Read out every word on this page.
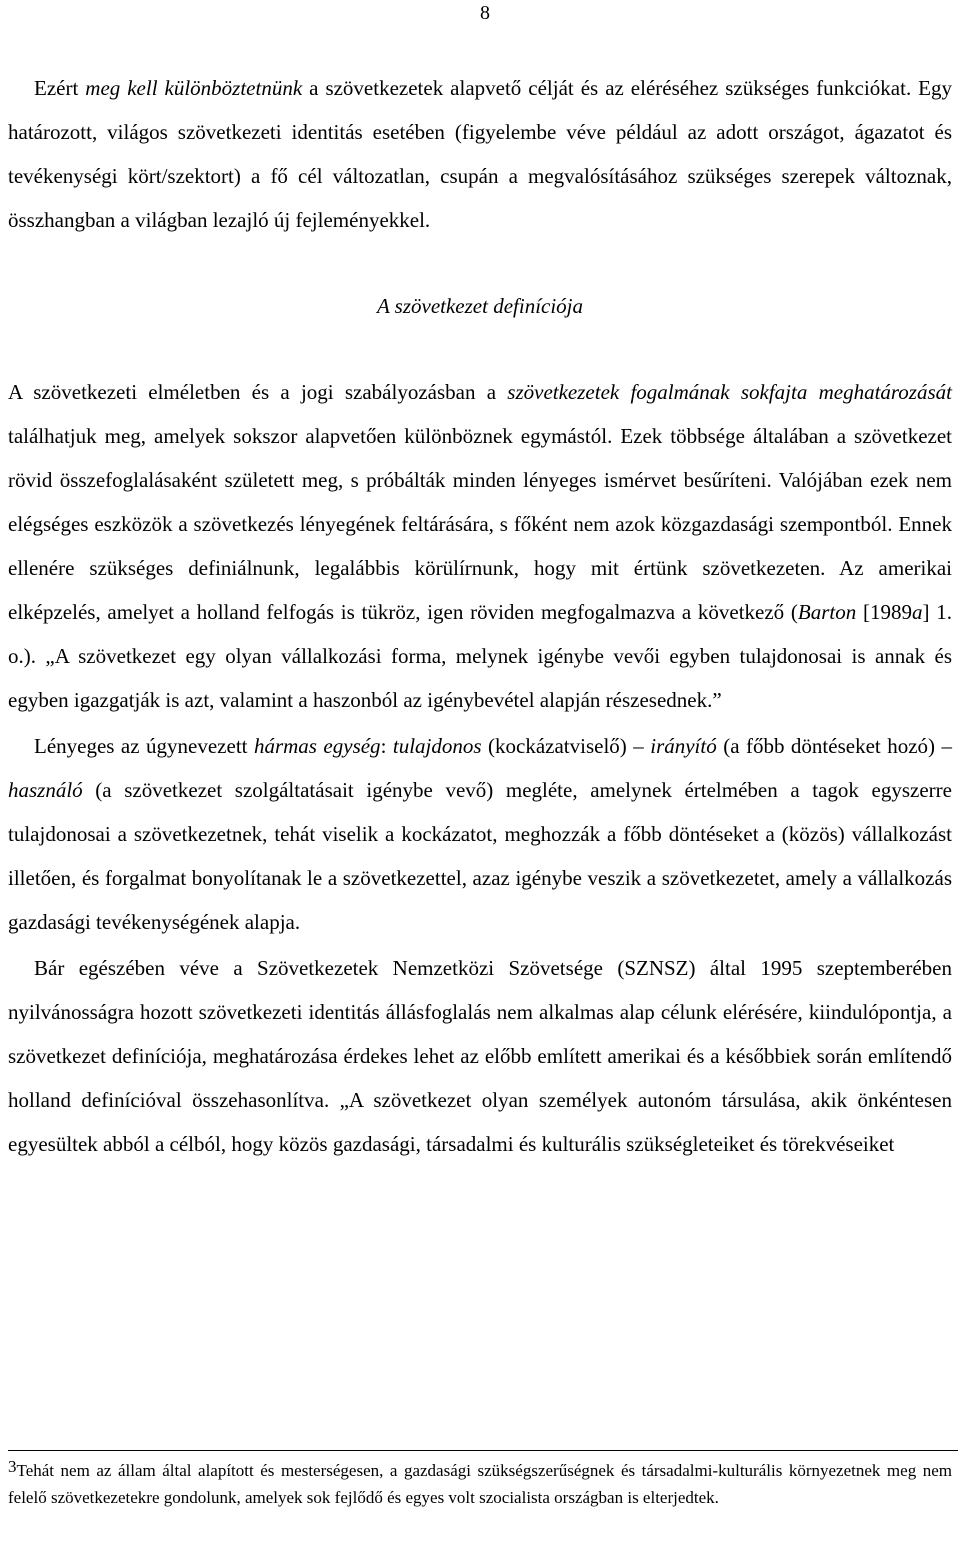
8

Ezért meg kell különböztetnünk a szövetkezetek alapvető célját és az eléréséhez szükséges funkciókat. Egy határozott, világos szövetkezeti identitás esetében (figyelembe véve például az adott országot, ágazatot és tevékenységi kört/szektort) a fő cél változatlan, csupán a megvalósításához szükséges szerepek változnak, összhangban a világban lezajló új fejleményekkel.

A szövetkezet definíciója

A szövetkezeti elméletben és a jogi szabályozásban a szövetkezetek fogalmának sokfajta meghatározását találhatjuk meg, amelyek sokszor alapvetően különböznek egymástól. Ezek többsége általában a szövetkezet rövid összefoglalásaként született meg, s próbálták minden lényeges ismérvet besűríteni. Valójában ezek nem elégséges eszközök a szövetkezés lényegének feltárására, s főként nem azok közgazdasági szempontból. Ennek ellenére szükséges definiálnunk, legalábbis körülírnunk, hogy mit értünk szövetkezeten. Az amerikai elképzelés, amelyet a holland felfogás is tükröz, igen röviden megfogalmazva a következő (Barton [1989a] 1. o.). „A szövetkezet egy olyan vállalkozási forma, melynek igénybe vevői egyben tulajdonosai is annak és egyben igazgatják is azt, valamint a haszonból az igénybevétel alapján részesednek.”

Lényeges az úgynevezett hármas egység: tulajdonos (kockázatviselő) – irányító (a főbb döntéseket hozó) – használó (a szövetkezet szolgáltatásait igénybe vevő) megléte, amelynek értelmében a tagok egyszerre tulajdonosai a szövetkezetnek, tehát viselik a kockázatot, meghozzák a főbb döntéseket a (közös) vállalkozást illetően, és forgalmat bonyolítanak le a szövetkezettel, azaz igénybe veszik a szövetkezetet, amely a vállalkozás gazdasági tevékenységének alapja.

Bár egészében véve a Szövetkezetek Nemzetközi Szövetsége (SZNSZ) által 1995 szeptemberében nyilvánosságra hozott szövetkezeti identitás állásfoglalás nem alkalmas alap célunk elérésére, kiindulópontja, a szövetkezet definíciója, meghatározása érdekes lehet az előbb említett amerikai és a későbbiek során említendő holland definícióval összehasonlítva. „A szövetkezet olyan személyek autonóm társulása, akik önkéntesen egyesültek abból a célból, hogy közös gazdasági, társadalmi és kulturális szükségleteiket és törekvéseiket

$^3$Tehát nem az állam által alapított és mesterségesen, a gazdasági szükségszerűségnek és társadalmi-kulturális környezetnek meg nem felelő szövetkezetekre gondolunk, amelyek sok fejlődő és egyes volt szocialista országban is elterjedtek.
